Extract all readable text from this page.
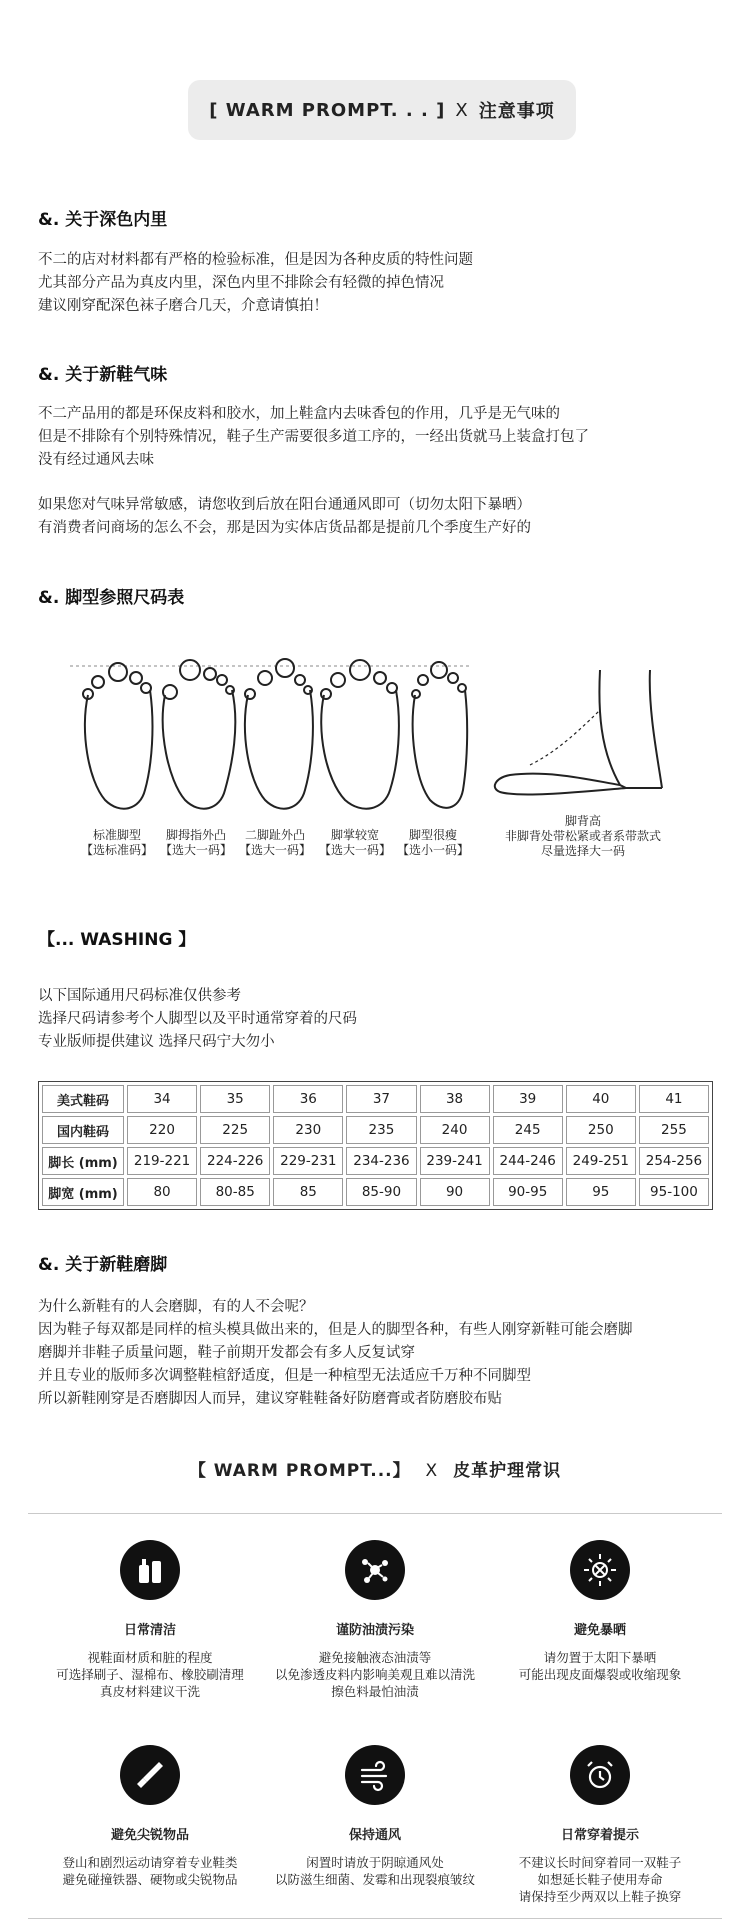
[ WARM PROMPT. . . ] X 注意事项
&. 关于深色内里
不二的店对材料都有严格的检验标准，但是因为各种皮质的特性问题
尤其部分产品为真皮内里，深色内里不排除会有轻微的掉色情况
建议刚穿配深色袜子磨合几天，介意请慎拍！
&. 关于新鞋气味
不二产品用的都是环保皮料和胶水，加上鞋盒内去味香包的作用，几乎是无气味的
但是不排除有个别特殊情况，鞋子生产需要很多道工序的，一经出货就马上装盒打包了
没有经过通风去味
如果您对气味异常敏感，请您收到后放在阳台通通风即可（切勿太阳下暴晒）
有消费者问商场的怎么不会，那是因为实体店货品都是提前几个季度生产好的
&. 脚型参照尺码表
标准脚型
【选标准码】
脚拇指外凸
【选大一码】
二脚趾外凸
【选大一码】
脚掌较宽
【选大一码】
脚型很瘦
【选小一码】
脚背高
非脚背处带松紧或者系带款式
尽量选择大一码
【... WASHING 】
以下国际通用尺码标准仅供参考
选择尺码请参考个人脚型以及平时通常穿着的尺码
专业版师提供建议 选择尺码宁大勿小
美式鞋码	34	35	36	37	38	39	40	41
国内鞋码	220	225	230	235	240	245	250	255
脚长 (mm)	219-221	224-226	229-231	234-236	239-241	244-246	249-251	254-256
脚宽 (mm)	80	80-85	85	85-90	90	90-95	95	95-100
&. 关于新鞋磨脚
为什么新鞋有的人会磨脚，有的人不会呢？
因为鞋子每双都是同样的楦头模具做出来的，但是人的脚型各种，有些人刚穿新鞋可能会磨脚
磨脚并非鞋子质量问题，鞋子前期开发都会有多人反复试穿
并且专业的版师多次调整鞋楦舒适度，但是一种楦型无法适应千万种不同脚型
所以新鞋刚穿是否磨脚因人而异，建议穿鞋鞋备好防磨膏或者防磨胶布贴
【 WARM PROMPT...】 X 皮革护理常识
日常清洁
视鞋面材质和脏的程度
可选择刷子、湿棉布、橡胶刷清理
真皮材料建议干洗
谨防油渍污染
避免接触液态油渍等
以免渗透皮料内影响美观且难以清洗
擦色料最怕油渍
避免暴晒
请勿置于太阳下暴晒
可能出现皮面爆裂或收缩现象
避免尖锐物品
登山和剧烈运动请穿着专业鞋类
避免碰撞铁器、硬物或尖锐物品
保持通风
闲置时请放于阴晾通风处
以防滋生细菌、发霉和出现裂痕皱纹
日常穿着提示
不建议长时间穿着同一双鞋子
如想延长鞋子使用寿命
请保持至少两双以上鞋子换穿
